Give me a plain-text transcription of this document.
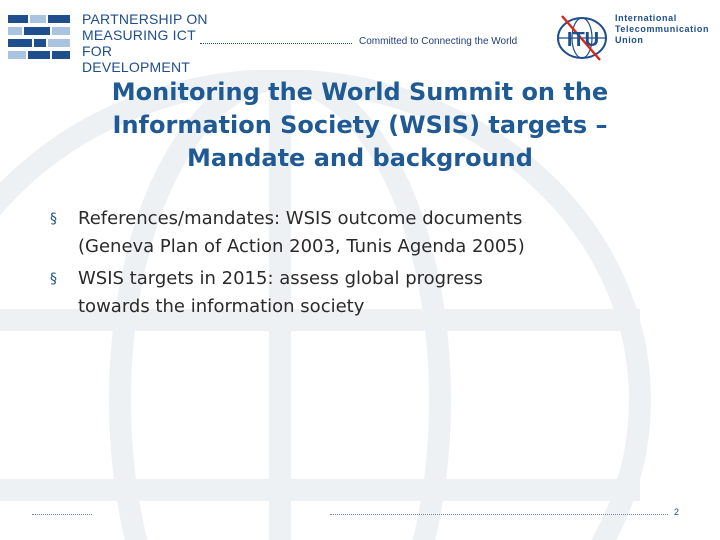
PARTNERSHIP ON
MEASURING ICT
FOR DEVELOPMENT
Committed to Connecting the World ITU
International
Telecommunication
Union
Monitoring the World Summit on the
Information Society (WSIS) targets –
Mandate and background
§ References/mandates: WSIS outcome documents
(Geneva Plan of Action 2003, Tunis Agenda 2005)
§ WSIS targets in 2015: assess global progress
towards the information society
2
